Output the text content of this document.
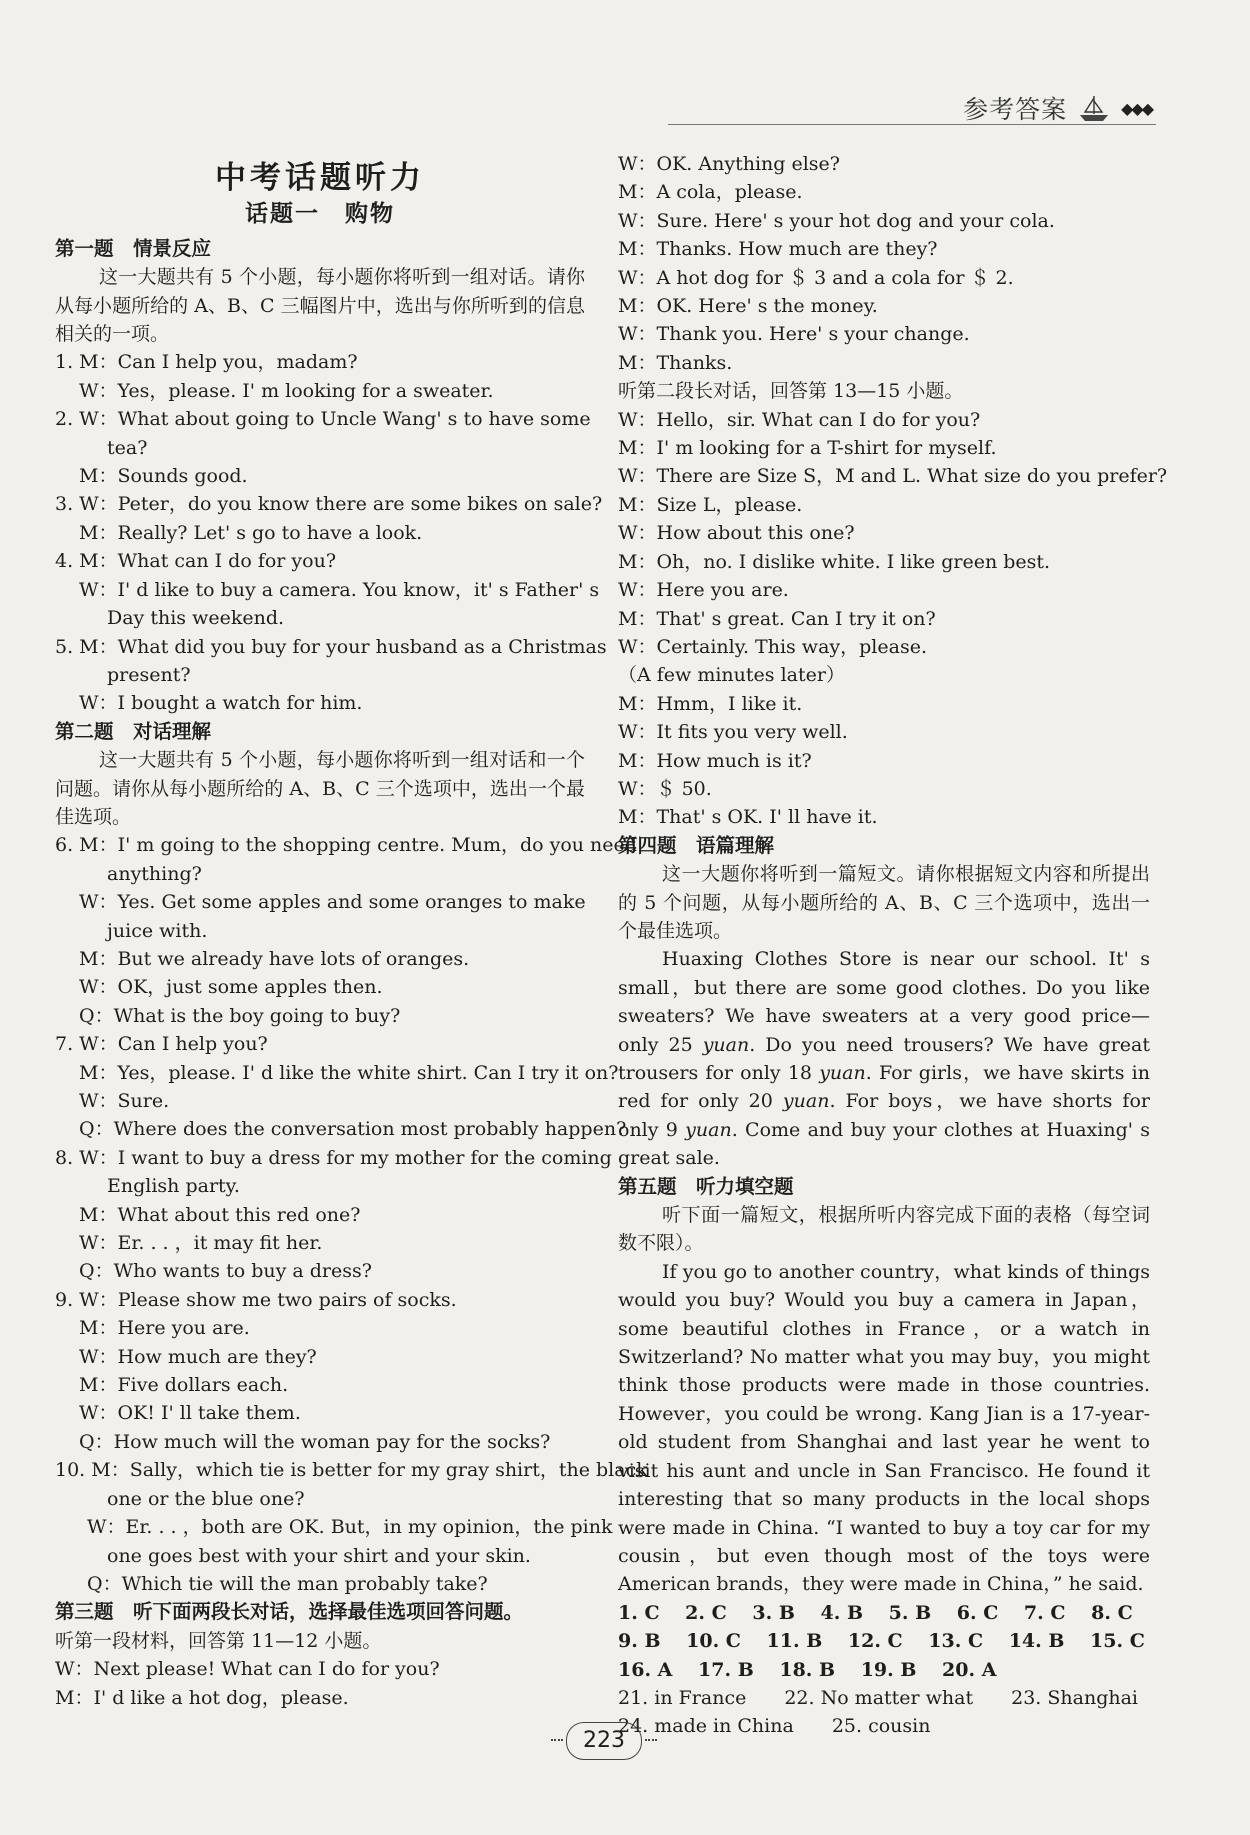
参考答案	◆◆◆
中考话题听力
话题一　购物
第一题　情景反应
这一大题共有 5 个小题，每小题你将听到一组对话。请你从每小题所给的 A、B、C 三幅图片中，选出与你所听到的信息相关的一项。
1. M：Can I help you，madam?
W：Yes，please. I' m looking for a sweater.
2. W：What about going to Uncle Wang' s to have some
tea?
M：Sounds good.
3. W：Peter，do you know there are some bikes on sale?
M：Really? Let' s go to have a look.
4. M：What can I do for you?
W：I' d like to buy a camera. You know，it' s Father' s
Day this weekend.
5. M：What did you buy for your husband as a Christmas
present?
W：I bought a watch for him.
第二题　对话理解
这一大题共有 5 个小题，每小题你将听到一组对话和一个问题。请你从每小题所给的 A、B、C 三个选项中，选出一个最佳选项。
6. M：I' m going to the shopping centre. Mum，do you need
anything?
W：Yes. Get some apples and some oranges to make
juice with.
M：But we already have lots of oranges.
W：OK，just some apples then.
Q：What is the boy going to buy?
7. W：Can I help you?
M：Yes，please. I' d like the white shirt. Can I try it on?
W：Sure.
Q：Where does the conversation most probably happen?
8. W：I want to buy a dress for my mother for the coming
English party.
M：What about this red one?
W：Er. . . ，it may fit her.
Q：Who wants to buy a dress?
9. W：Please show me two pairs of socks.
M：Here you are.
W：How much are they?
M：Five dollars each.
W：OK! I' ll take them.
Q：How much will the woman pay for the socks?
10. M：Sally，which tie is better for my gray shirt，the black
one or the blue one?
W：Er. . . ，both are OK. But，in my opinion，the pink
one goes best with your shirt and your skin.
Q：Which tie will the man probably take?
第三题　听下面两段长对话，选择最佳选项回答问题。
听第一段材料，回答第 11—12 小题。
W：Next please! What can I do for you?
M：I' d like a hot dog，please.
W：OK. Anything else?
M：A cola，please.
W：Sure. Here' s your hot dog and your cola.
M：Thanks. How much are they?
W：A hot dog for ＄ 3 and a cola for ＄ 2.
M：OK. Here' s the money.
W：Thank you. Here' s your change.
M：Thanks.
听第二段长对话，回答第 13—15 小题。
W：Hello，sir. What can I do for you?
M：I' m looking for a T-shirt for myself.
W：There are Size S，M and L. What size do you prefer?
M：Size L，please.
W：How about this one?
M：Oh，no. I dislike white. I like green best.
W：Here you are.
M：That' s great. Can I try it on?
W：Certainly. This way，please.
（A few minutes later）
M：Hmm，I like it.
W：It fits you very well.
M：How much is it?
W：＄ 50.
M：That' s OK. I' ll have it.
第四题　语篇理解
这一大题你将听到一篇短文。请你根据短文内容和所提出的 5 个问题，从每小题所给的 A、B、C 三个选项中，选出一个最佳选项。
Huaxing Clothes Store is near our school. It' s small，but there are some good clothes. Do you like sweaters? We have sweaters at a very good price—only 25 yuan. Do you need trousers? We have great trousers for only 18 yuan. For girls，we have skirts in red for only 20 yuan. For boys，we have shorts for only 9 yuan. Come and buy your clothes at Huaxing' s great sale.
第五题　听力填空题
听下面一篇短文，根据所听内容完成下面的表格（每空词数不限）。
If you go to another country，what kinds of things would you buy? Would you buy a camera in Japan，some beautiful clothes in France，or a watch in Switzerland? No matter what you may buy，you might think those products were made in those countries. However，you could be wrong. Kang Jian is a 17-year-old student from Shanghai and last year he went to visit his aunt and uncle in San Francisco. He found it interesting that so many products in the local shops were made in China. “I wanted to buy a toy car for my cousin，but even though most of the toys were American brands，they were made in China，” he said.
1. C　 2. C　 3. B　 4. B　 5. B　 6. C　 7. C　 8. C
9. B　 10. C　 11. B　 12. C　 13. C　 14. B　 15. C
16. A　 17. B　 18. B　 19. B　 20. A
21. in France　　22. No matter what　　23. Shanghai
24. made in China　　25. cousin
223
